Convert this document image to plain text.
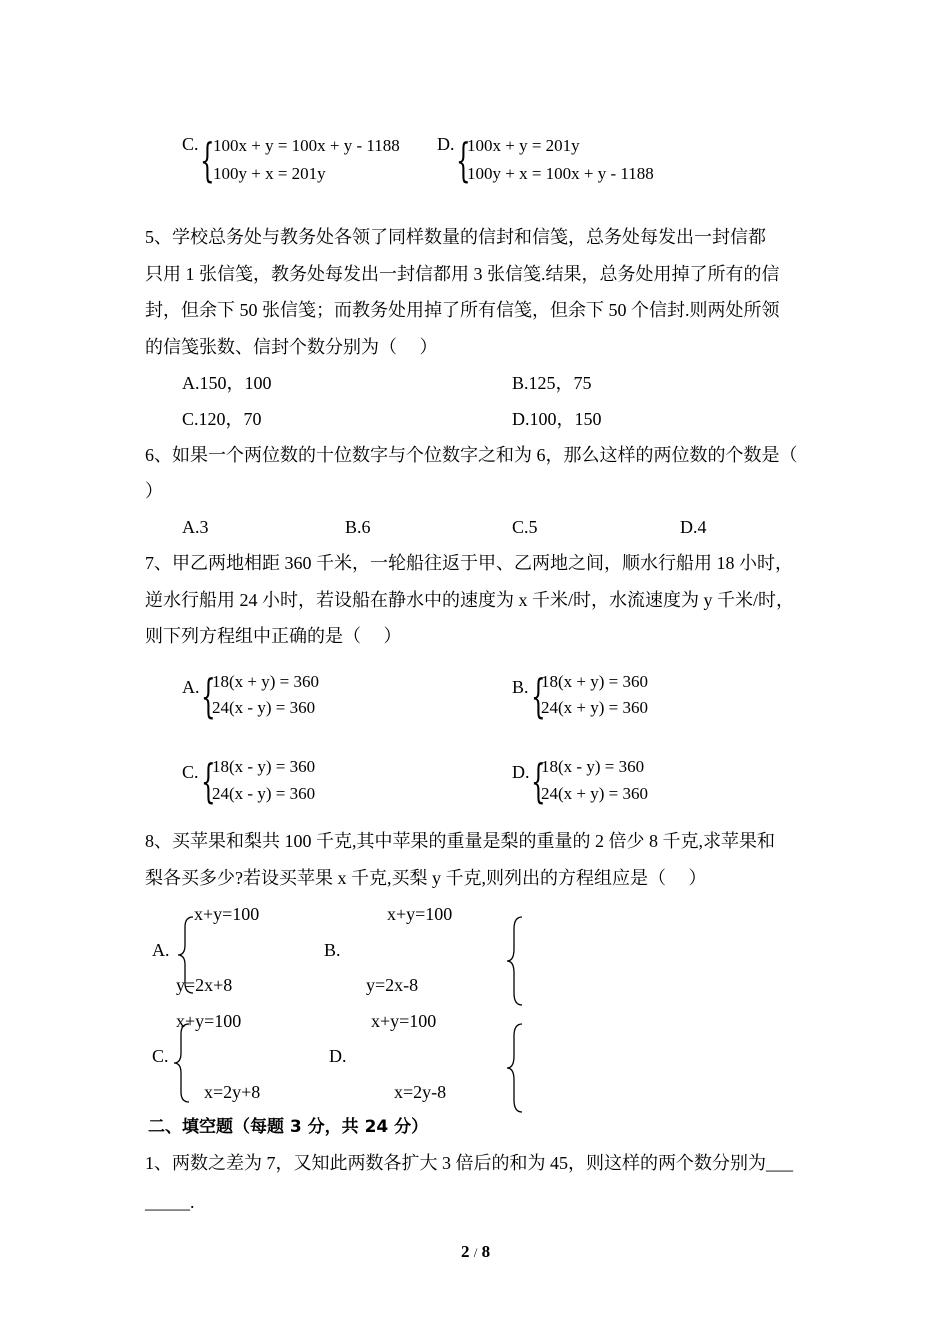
C. {
100x + y = 100x + y - 1188
100y + x = 201y
D. {
100x + y = 201y
100y + x = 100x + y - 1188
5、学校总务处与教务处各领了同样数量的信封和信笺，总务处每发出一封信都
只用 1 张信笺，教务处每发出一封信都用 3 张信笺.结果，总务处用掉了所有的信
封，但余下 50 张信笺；而教务处用掉了所有信笺，但余下 50 个信封.则两处所领
的信笺张数、信封个数分别为（　 ）
A.150，100	B.125，75
C.120，70	D.100，150
6、如果一个两位数的十位数字与个位数字之和为 6，那么这样的两位数的个数是（
）
A.3	B.6	C.5	D.4
7、甲乙两地相距 360 千米，一轮船往返于甲、乙两地之间，顺水行船用 18 小时，
逆水行船用 24 小时，若设船在静水中的速度为 x 千米/时，水流速度为 y 千米/时，
则下列方程组中正确的是（　 ）
A. {
18(x + y) = 360
24(x - y) = 360
B. {
18(x + y) = 360
24(x + y) = 360
C. {
18(x - y) = 360
24(x - y) = 360
D. {
18(x - y) = 360
24(x + y) = 360
8、买苹果和梨共 100 千克,其中苹果的重量是梨的重量的 2 倍少 8 千克,求苹果和
梨各买多少?若设买苹果 x 千克,买梨 y 千克,则列出的方程组应是（　 ）
x+y=100
A.
y=2x+8
x+y=100
B.
y=2x-8
x+y=100
C.
x=2y+8
x+y=100
D.
x=2y-8
二、填空题（每题 3 分，共 24 分）
1、两数之差为 7，又知此两数各扩大 3 倍后的和为 45，则这样的两个数分别为___
_____.
2 / 8
